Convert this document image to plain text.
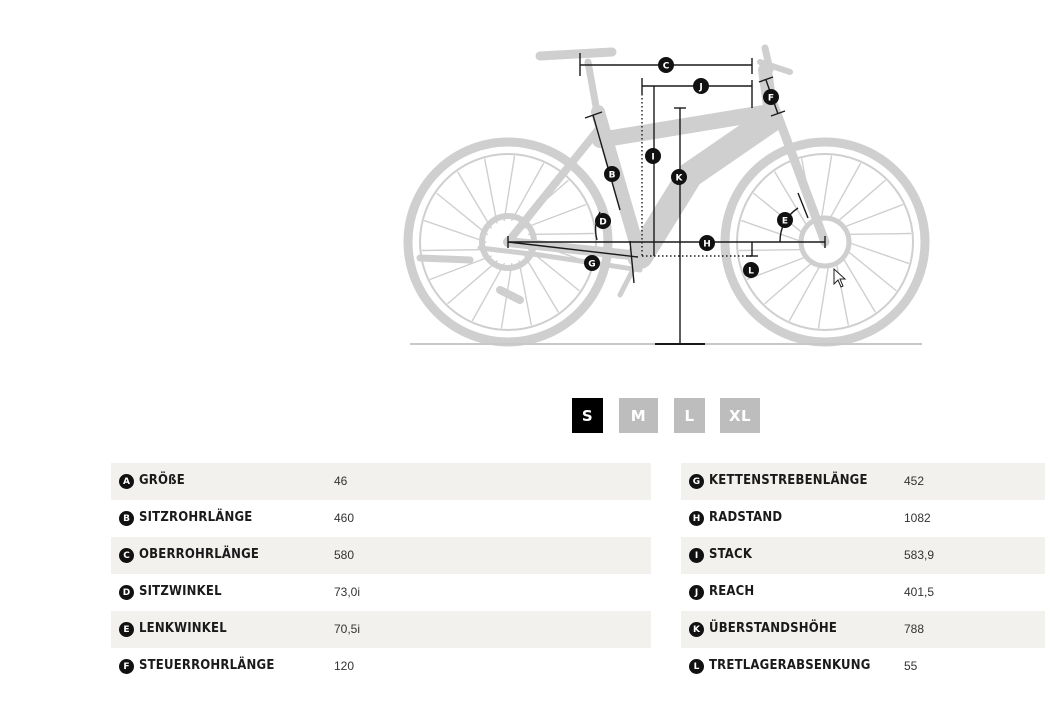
B
C
D	E
F
G
H
I
J
K
L
S	M	L	XL
A GRÖßE	46
B SITZROHRLÄNGE	460
C OBERROHRLÄNGE	580
D SITZWINKEL	73,0i
E LENKWINKEL	70,5i
F STEUERROHRLÄNGE	120
G KETTENSTREBENLÄNGE	452
H RADSTAND	1082
I STACK	583,9
J REACH	401,5
K ÜBERSTANDSHÖHE	788
L TRETLAGERABSENKUNG	55
